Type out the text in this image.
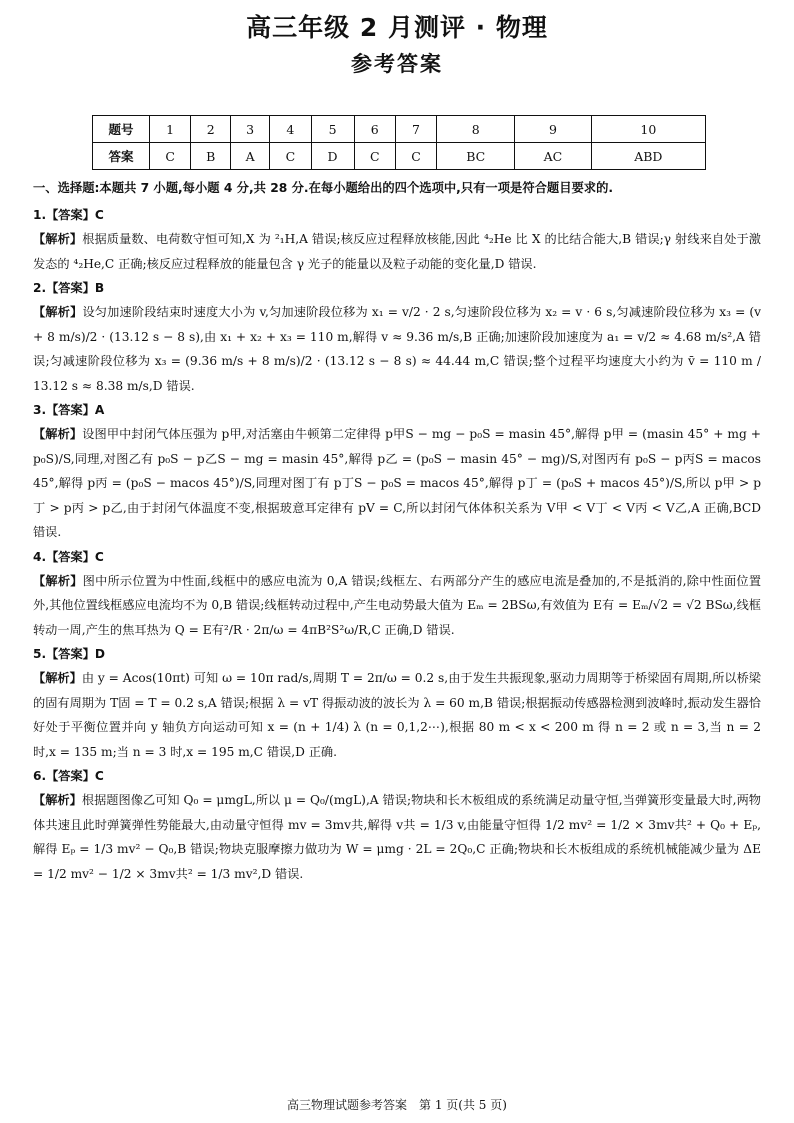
高三年级 2 月测评 · 物理
参考答案
题号	1	2	3	4	5	6	7	8	9	10
答案	C	B	A	C	D	C	C	BC	AC	ABD
一、选择题:本题共 7 小题,每小题 4 分,共 28 分.在每小题给出的四个选项中,只有一项是符合题目要求的.
1.【答案】C
【解析】根据质量数、电荷数守恒可知,X 为 ²₁H,A 错误;核反应过程释放核能,因此 ⁴₂He 比 X 的比结合能大,B 错误;γ 射线来自处于激发态的 ⁴₂He,C 正确;核反应过程释放的能量包含 γ 光子的能量以及粒子动能的变化量,D 错误.
2.【答案】B
【解析】设匀加速阶段结束时速度大小为 v,匀加速阶段位移为 x₁ = v/2 · 2 s,匀速阶段位移为 x₂ = v · 6 s,匀减速阶段位移为 x₃ = (v + 8 m/s)/2 · (13.12 s − 8 s),由 x₁ + x₂ + x₃ = 110 m,解得 v ≈ 9.36 m/s,B 正确;加速阶段加速度为 a₁ = v/2 ≈ 4.68 m/s²,A 错误;匀减速阶段位移为 x₃ = (9.36 m/s + 8 m/s)/2 · (13.12 s − 8 s) ≈ 44.44 m,C 错误;整个过程平均速度大小约为 v̄ = 110 m / 13.12 s ≈ 8.38 m/s,D 错误.
3.【答案】A
【解析】设图甲中封闭气体压强为 p甲,对活塞由牛顿第二定律得 p甲S − mg − p₀S = masin 45°,解得 p甲 = (masin 45° + mg + p₀S)/S,同理,对图乙有 p₀S − p乙S − mg = masin 45°,解得 p乙 = (p₀S − masin 45° − mg)/S,对图丙有 p₀S − p丙S = macos 45°,解得 p丙 = (p₀S − macos 45°)/S,同理对图丁有 p丁S − p₀S = macos 45°,解得 p丁 = (p₀S + macos 45°)/S,所以 p甲 > p丁 > p丙 > p乙,由于封闭气体温度不变,根据玻意耳定律有 pV = C,所以封闭气体体积关系为 V甲 < V丁 < V丙 < V乙,A 正确,BCD 错误.
4.【答案】C
【解析】图中所示位置为中性面,线框中的感应电流为 0,A 错误;线框左、右两部分产生的感应电流是叠加的,不是抵消的,除中性面位置外,其他位置线框感应电流均不为 0,B 错误;线框转动过程中,产生电动势最大值为 Eₘ = 2BSω,有效值为 E有 = Eₘ/√2 = √2 BSω,线框转动一周,产生的焦耳热为 Q = E有²/R · 2π/ω = 4πB²S²ω/R,C 正确,D 错误.
5.【答案】D
【解析】由 y = Acos(10πt) 可知 ω = 10π rad/s,周期 T = 2π/ω = 0.2 s,由于发生共振现象,驱动力周期等于桥梁固有周期,所以桥梁的固有周期为 T固 = T = 0.2 s,A 错误;根据 λ = vT 得振动波的波长为 λ = 60 m,B 错误;根据振动传感器检测到波峰时,振动发生器恰好处于平衡位置并向 y 轴负方向运动可知 x = (n + 1/4) λ (n = 0,1,2⋯),根据 80 m < x < 200 m 得 n = 2 或 n = 3,当 n = 2 时,x = 135 m;当 n = 3 时,x = 195 m,C 错误,D 正确.
6.【答案】C
【解析】根据题图像乙可知 Q₀ = μmgL,所以 μ = Q₀/(mgL),A 错误;物块和长木板组成的系统满足动量守恒,当弹簧形变量最大时,两物体共速且此时弹簧弹性势能最大,由动量守恒得 mv = 3mv共,解得 v共 = 1/3 v,由能量守恒得 1/2 mv² = 1/2 × 3mv共² + Q₀ + Eₚ,解得 Eₚ = 1/3 mv² − Q₀,B 错误;物块克服摩擦力做功为 W = μmg · 2L = 2Q₀,C 正确;物块和长木板组成的系统机械能减少量为 ΔE = 1/2 mv² − 1/2 × 3mv共² = 1/3 mv²,D 错误.
高三物理试题参考答案　第 1 页(共 5 页)
